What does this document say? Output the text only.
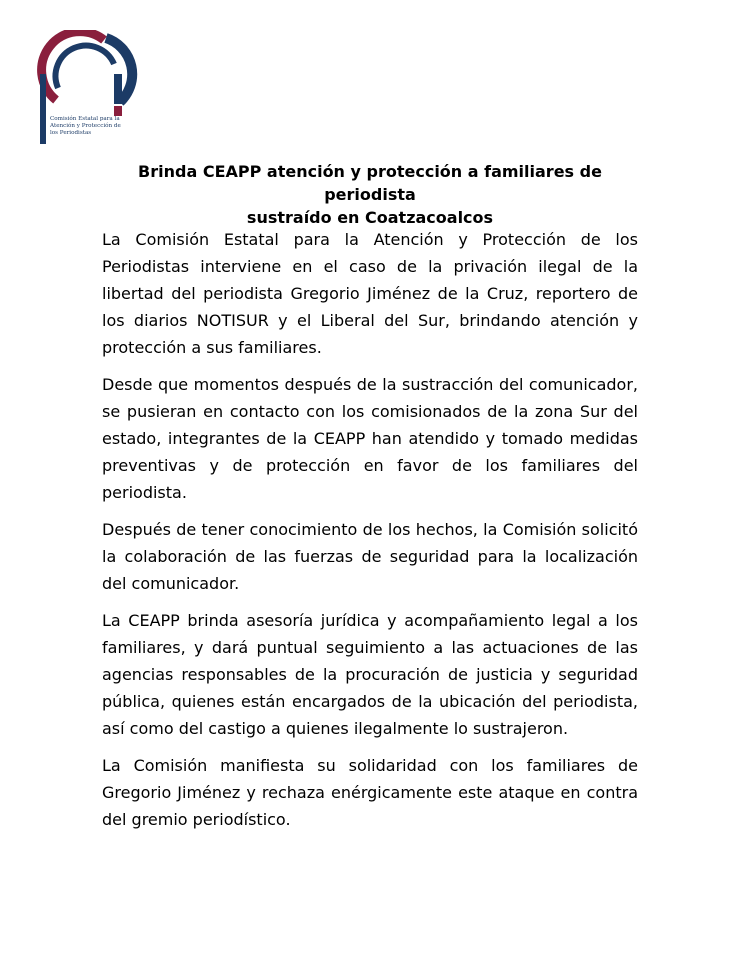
Comisión Estatal para la
Atención y Protección de
los Periodistas
Brinda CEAPP atención y protección a familiares de periodista
sustraído en Coatzacoalcos

La Comisión Estatal para la Atención y Protección de los Periodistas interviene en el caso de la privación ilegal de la libertad del periodista Gregorio Jiménez de la Cruz, reportero de los diarios NOTISUR y el Liberal del Sur, brindando atención y protección a sus familiares.

Desde que momentos después de la sustracción del comunicador, se pusieran en contacto con los comisionados de la zona Sur del estado, integrantes de la CEAPP han atendido y tomado medidas preventivas y de protección en favor de los familiares del periodista.

Después de tener conocimiento de los hechos, la Comisión solicitó la colaboración de las fuerzas de seguridad para la localización del comunicador.

La CEAPP brinda asesoría jurídica y acompañamiento legal a los familiares, y dará puntual seguimiento a las actuaciones de las agencias responsables de la procuración de justicia y seguridad pública, quienes están encargados de la ubicación del periodista, así como del castigo a quienes ilegalmente lo sustrajeron.

La Comisión manifiesta su solidaridad con los familiares de Gregorio Jiménez y rechaza enérgicamente este ataque en contra del gremio periodístico.
